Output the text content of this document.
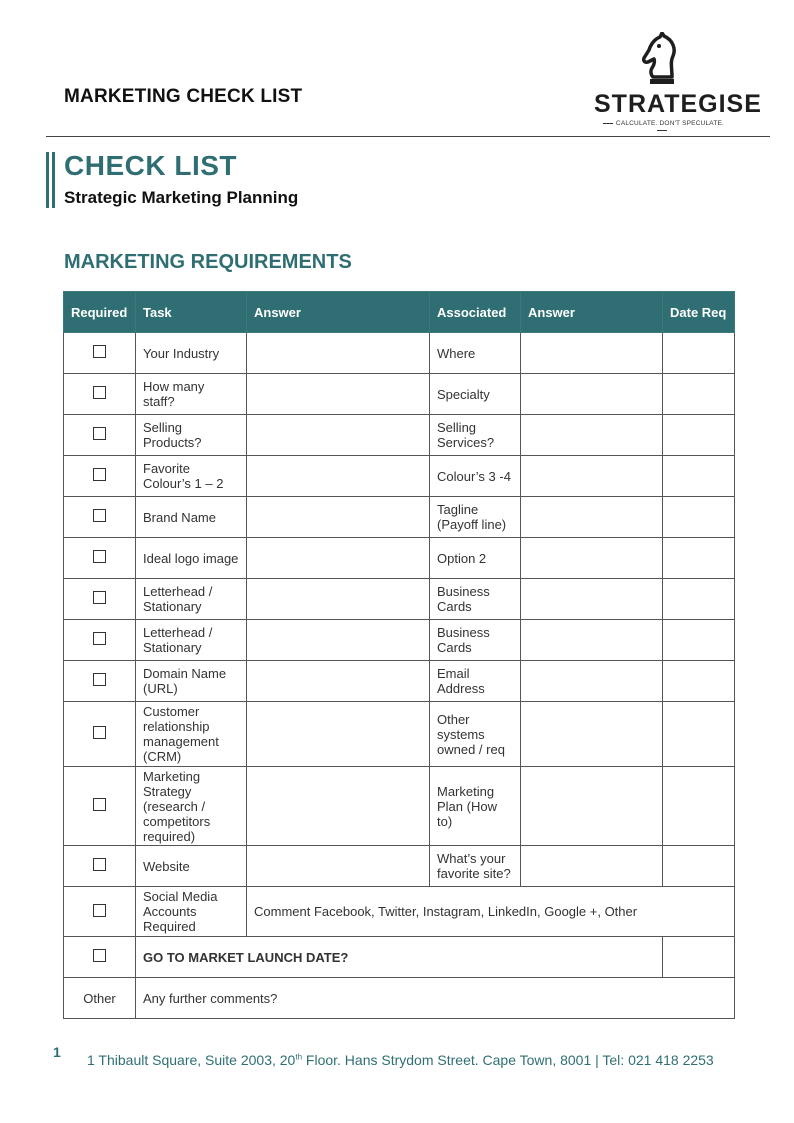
MARKETING CHECK LIST	STRATEGISE
CALCULATE. DON'T SPECULATE.
CHECK LIST
Strategic Marketing Planning
MARKETING REQUIREMENTS
Required	Task	Answer	Associated	Answer	Date Req
	Your Industry		Where		
	How many staff?		Specialty		
	Selling Products?		Selling Services?		
	Favorite Colour’s 1 – 2		Colour’s 3 -4		
	Brand Name		Tagline (Payoff line)		
	Ideal logo image		Option 2		
	Letterhead / Stationary		Business Cards		
	Letterhead / Stationary		Business Cards		
	Domain Name (URL)		Email Address		
	Customer relationship management (CRM)		Other systems owned / req		
	Marketing Strategy (research / competitors required)		Marketing Plan (How to)		
	Website		What’s your favorite site?		
	Social Media Accounts Required	Comment Facebook, Twitter, Instagram, LinkedIn, Google +, Other			
	GO TO MARKET LAUNCH DATE?				
Other	Any further comments?				
1 1 Thibault Square, Suite 2003, 20th Floor. Hans Strydom Street. Cape Town, 8001 | Tel: 021 418 2253
